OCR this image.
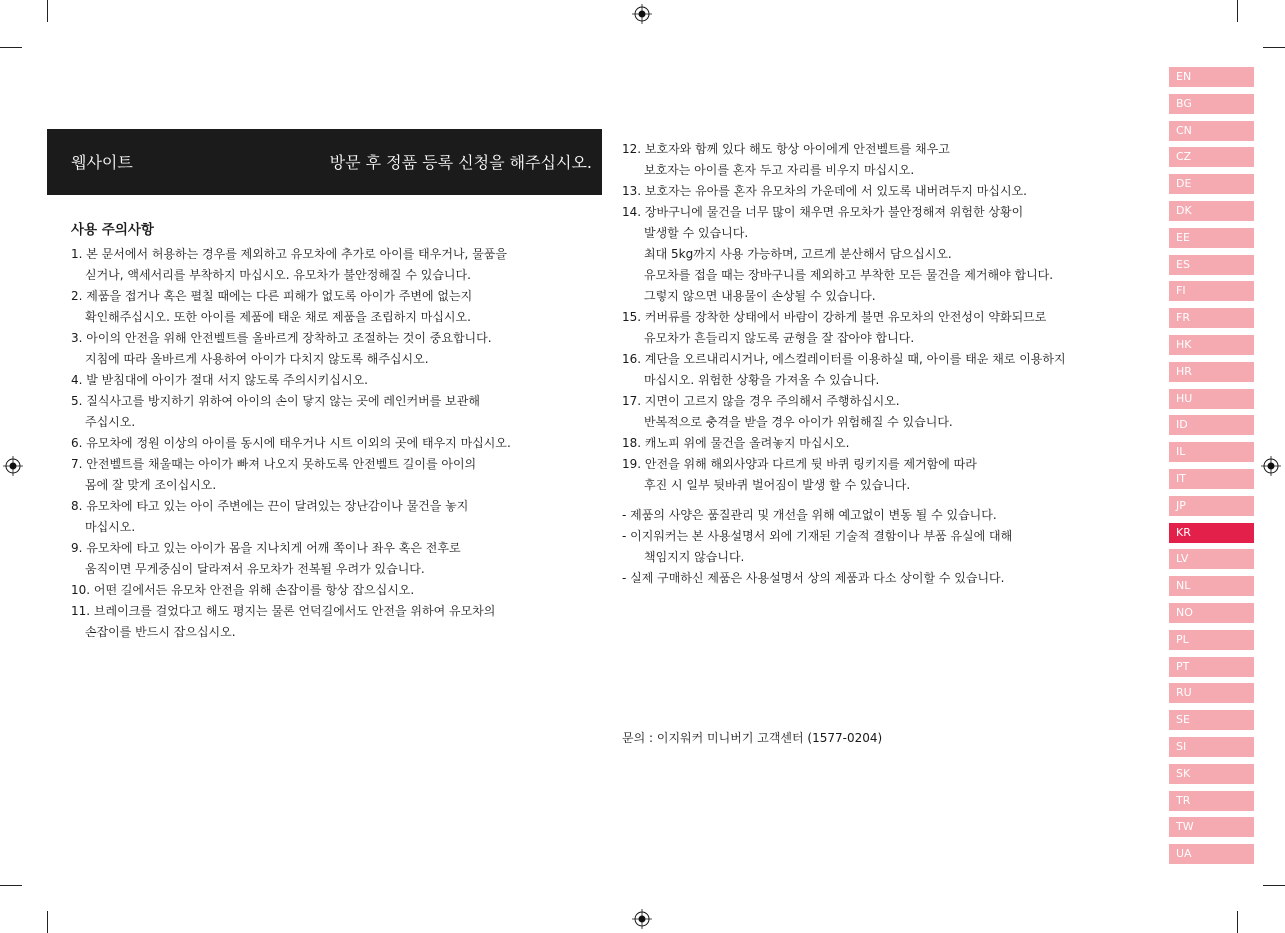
웹사이트	방문 후 정품 등록 신청을 해주십시오.
사용 주의사항
1. 본 문서에서 허용하는 경우를 제외하고 유모차에 추가로 아이를 태우거나, 물품을
싣거나, 액세서리를 부착하지 마십시오. 유모차가 불안정해질 수 있습니다.
2. 제품을 접거나 혹은 펼칠 때에는 다른 피해가 없도록 아이가 주변에 없는지
확인해주십시오. 또한 아이를 제품에 태운 채로 제품을 조립하지 마십시오.
3. 아이의 안전을 위해 안전벨트를 올바르게 장착하고 조절하는 것이 중요합니다.
지침에 따라 올바르게 사용하여 아이가 다치지 않도록 해주십시오.
4. 발 받침대에 아이가 절대 서지 않도록 주의시키십시오.
5. 질식사고를 방지하기 위하여 아이의 손이 닿지 않는 곳에 레인커버를 보관해
주십시오.
6. 유모차에 정원 이상의 아이를 동시에 태우거나 시트 이외의 곳에 태우지 마십시오.
7. 안전벨트를 채울때는 아이가 빠져 나오지 못하도록 안전벨트 길이를 아이의
몸에 잘 맞게 조이십시오.
8. 유모차에 타고 있는 아이 주변에는 끈이 달려있는 장난감이나 물건을 놓지
마십시오.
9. 유모차에 타고 있는 아이가 몸을 지나치게 어깨 쪽이나 좌우 혹은 전후로
움직이면 무게중심이 달라져서 유모차가 전복될 우려가 있습니다.
10. 어떤 길에서든 유모차 안전을 위해 손잡이를 항상 잡으십시오.
11. 브레이크를 걸었다고 해도 평지는 물론 언덕길에서도 안전을 위하여 유모차의
손잡이를 반드시 잡으십시오.
12. 보호자와 함께 있다 해도 항상 아이에게 안전벨트를 채우고
보호자는 아이를 혼자 두고 자리를 비우지 마십시오.
13. 보호자는 유아를 혼자 유모차의 가운데에 서 있도록 내버려두지 마십시오.
14. 장바구니에 물건을 너무 많이 채우면 유모차가 불안정해져 위험한 상황이
발생할 수 있습니다.
최대 5kg까지 사용 가능하며, 고르게 분산해서 담으십시오.
유모차를 접을 때는 장바구니를 제외하고 부착한 모든 물건을 제거해야 합니다.
그렇지 않으면 내용물이 손상될 수 있습니다.
15. 커버류를 장착한 상태에서 바람이 강하게 불면 유모차의 안전성이 약화되므로
유모차가 흔들리지 않도록 균형을 잘 잡아야 합니다.
16. 계단을 오르내리시거나, 에스컬레이터를 이용하실 때, 아이를 태운 채로 이용하지
마십시오. 위험한 상황을 가져올 수 있습니다.
17. 지면이 고르지 않을 경우 주의해서 주행하십시오.
반복적으로 충격을 받을 경우 아이가 위험해질 수 있습니다.
18. 캐노피 위에 물건을 올려놓지 마십시오.
19. 안전을 위해 해외사양과 다르게 뒷 바퀴 링키지를 제거함에 따라
후진 시 일부 뒷바퀴 벌어짐이 발생 할 수 있습니다.
- 제품의 사양은 품질관리 및 개선을 위해 예고없이 변동 될 수 있습니다.
- 이지워커는 본 사용설명서 외에 기재된 기술적 결함이나 부품 유실에 대해
책임지지 않습니다.
- 실제 구매하신 제품은 사용설명서 상의 제품과 다소 상이할 수 있습니다.
문의 : 이지워커 미니버기 고객센터 (1577-0204)
EN
BG
CN
CZ
DE
DK
EE
ES
FI
FR
HK
HR
HU
ID
IL
IT
JP
KR
LV
NL
NO
PL
PT
RU
SE
SI
SK
TR
TW
UA
